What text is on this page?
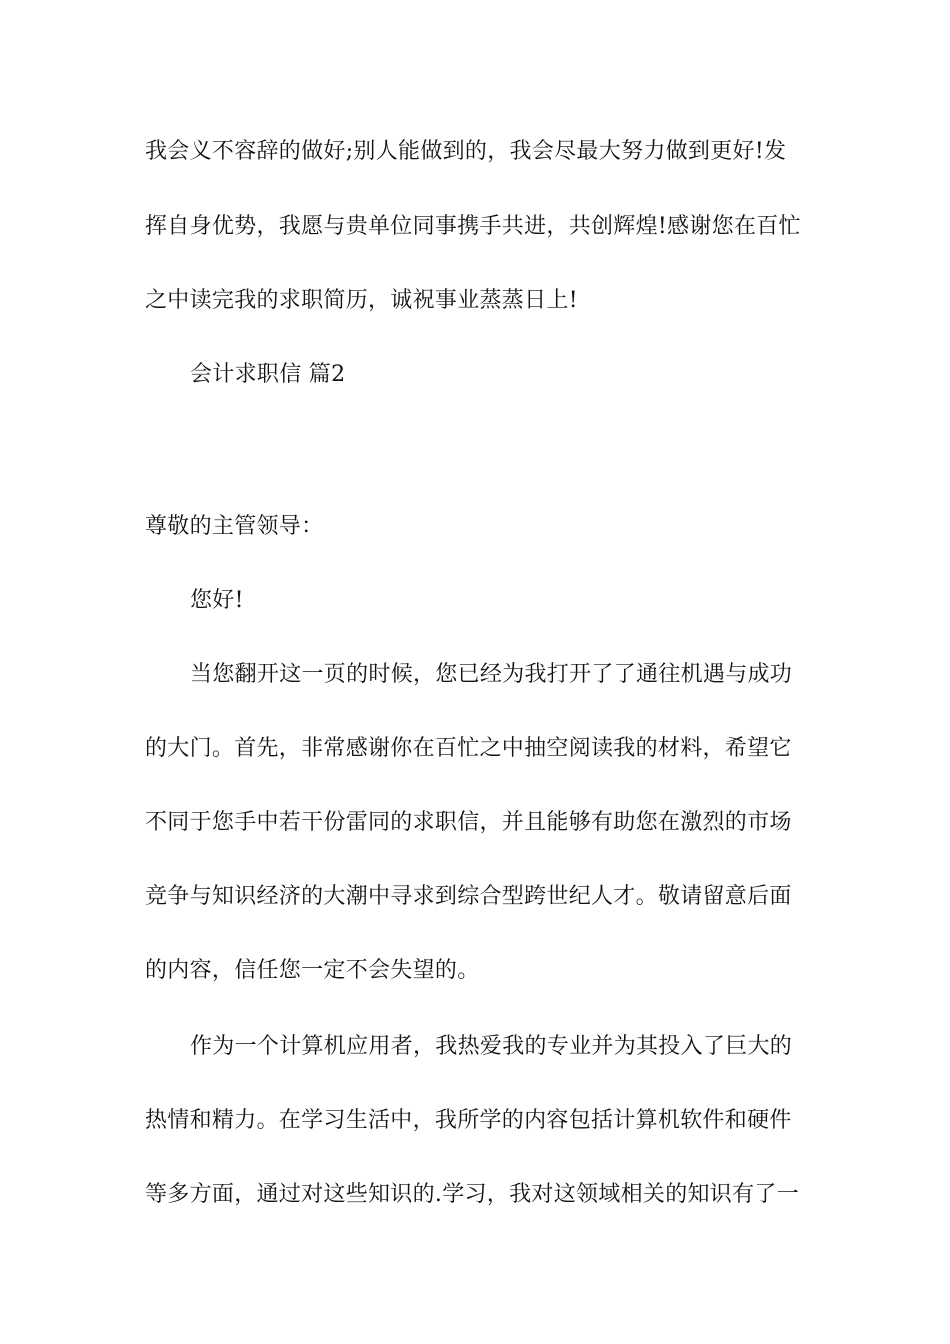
我会义不容辞的做好;别人能做到的，我会尽最大努力做到更好!发
挥自身优势，我愿与贵单位同事携手共进，共创辉煌!感谢您在百忙
之中读完我的求职简历，诚祝事业蒸蒸日上!
会计求职信 篇2
尊敬的主管领导：
您好!
当您翻开这一页的时候，您已经为我打开了了通往机遇与成功
的大门。首先，非常感谢你在百忙之中抽空阅读我的材料，希望它
不同于您手中若干份雷同的求职信，并且能够有助您在激烈的市场
竞争与知识经济的大潮中寻求到综合型跨世纪人才。敬请留意后面
的内容，信任您一定不会失望的。
作为一个计算机应用者，我热爱我的专业并为其投入了巨大的
热情和精力。在学习生活中，我所学的内容包括计算机软件和硬件
等多方面，通过对这些知识的.学习，我对这领域相关的知识有了一
